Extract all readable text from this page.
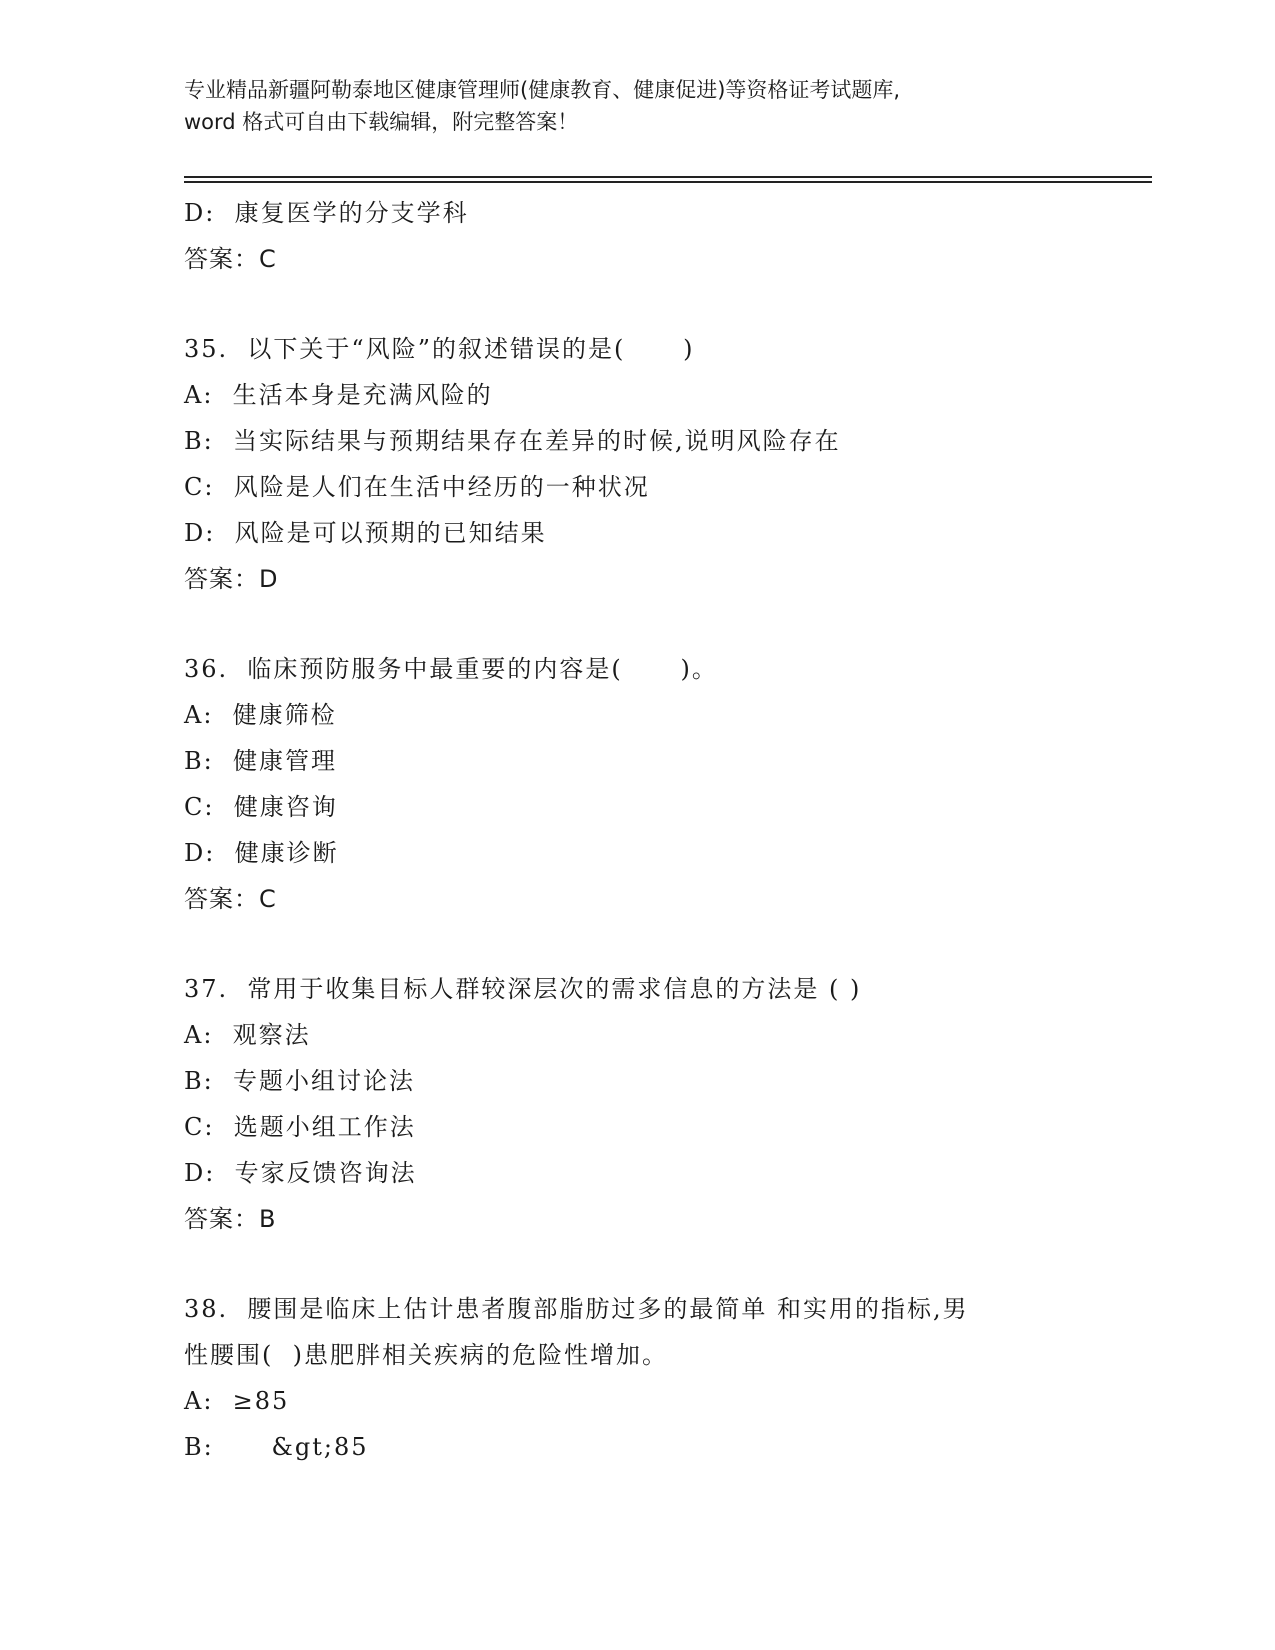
专业精品新疆阿勒泰地区健康管理师(健康教育、健康促进)等资格证考试题库,
word 格式可自由下载编辑，附完整答案！
D:  康复医学的分支学科
答案：C
35.  以下关于“风险”的叙述错误的是(      )
A:  生活本身是充满风险的
B:  当实际结果与预期结果存在差异的时候,说明风险存在
C:  风险是人们在生活中经历的一种状况
D:  风险是可以预期的已知结果
答案：D
36.  临床预防服务中最重要的内容是(      )。
A:  健康筛检
B:  健康管理
C:  健康咨询
D:  健康诊断
答案：C
37.  常用于收集目标人群较深层次的需求信息的方法是 ( )
A:  观察法
B:  专题小组讨论法
C:  选题小组工作法
D:  专家反馈咨询法
答案：B
38.  腰围是临床上估计患者腹部脂肪过多的最简单 和实用的指标,男
性腰围(  )患肥胖相关疾病的危险性增加。
A:  ≥85
B:      &gt;85
